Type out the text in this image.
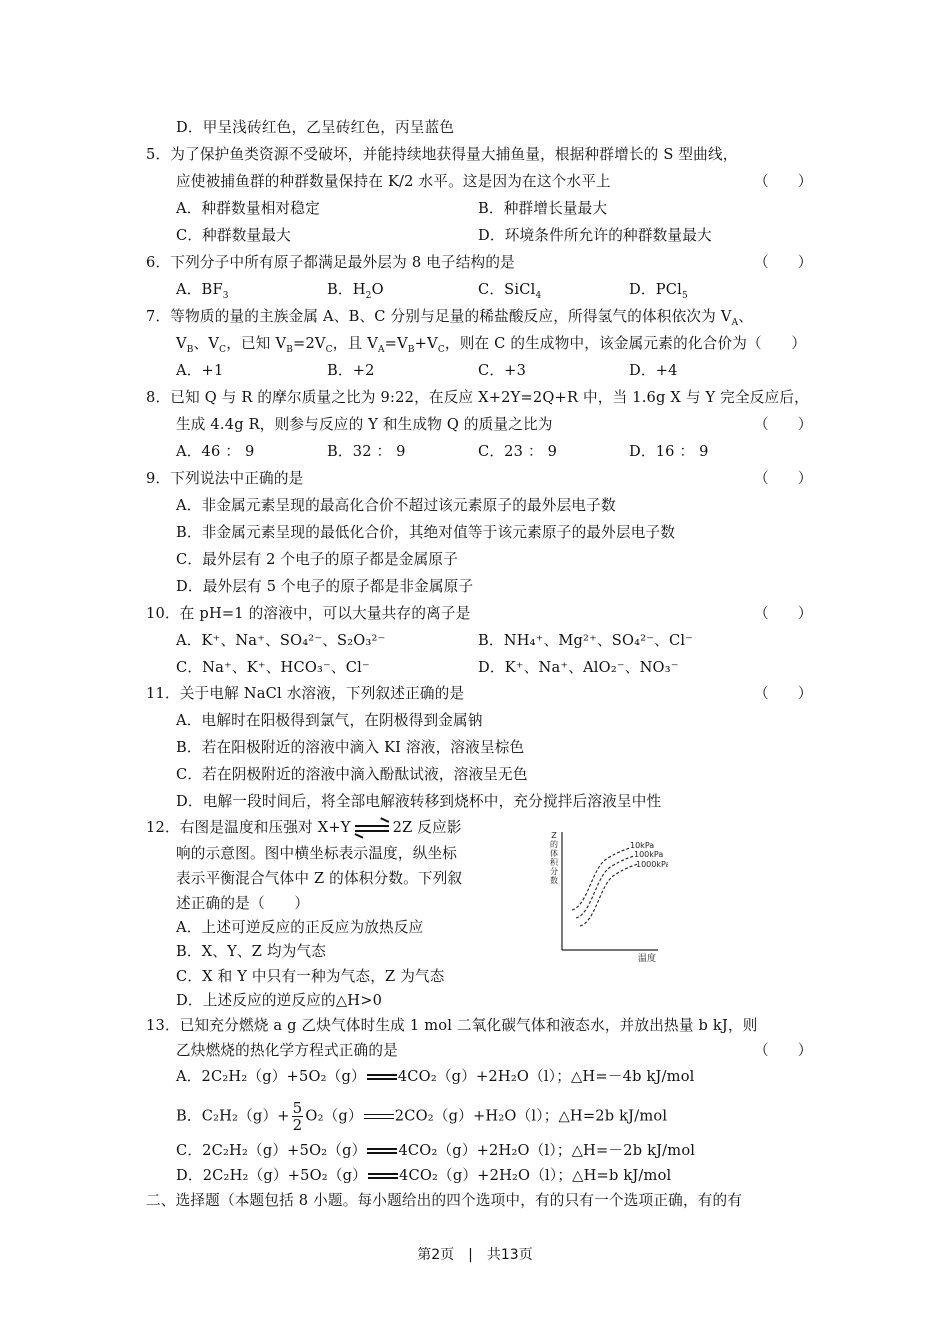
D．甲呈浅砖红色，乙呈砖红色，丙呈蓝色
5．为了保护鱼类资源不受破坏，并能持续地获得量大捕鱼量，根据种群增长的 S 型曲线，
应使被捕鱼群的种群数量保持在 K/2 水平。这是因为在这个水平上	（　　）
A．种群数量相对稳定	B．种群增长量最大
C．种群数量最大	D．环境条件所允许的种群数量最大
6．下列分子中所有原子都满足最外层为 8 电子结构的是	（　　）
A．$BF_3$	B．$H_2O$	C．SiCl$_4$	D．PCl$_5$
7．等物质的量的主族金属 A、B、C 分别与足量的稀盐酸反应，所得氢气的体积依次为 $V_A$、
$V_B$、$V_C$，已知 $V_B=2V_C$，且 $V_A=V_B+V_C$，则在 C 的生成物中，该金属元素的化合价为（　　）
A．+1	B．+2	C．+3	D．+4
8．已知 Q 与 R 的摩尔质量之比为 9:22，在反应 X+2Y=2Q+R 中，当 1.6g X 与 Y 完全反应后，
生成 4.4g R，则参与反应的 Y 和生成物 Q 的质量之比为	（　　）
A．46 ： 9	B．32 ： 9	C．23 ： 9	D．16 ： 9
9．下列说法中正确的是	（　　）
A．非金属元素呈现的最高化合价不超过该元素原子的最外层电子数
B．非金属元素呈现的最低化合价，其绝对值等于该元素原子的最外层电子数
C．最外层有 2 个电子的原子都是金属原子
D．最外层有 5 个电子的原子都是非金属原子
10．在 pH=1 的溶液中，可以大量共存的离子是	（　　）
A．K⁺、Na⁺、SO₄²⁻、S₂O₃²⁻	B．NH₄⁺、Mg²⁺、SO₄²⁻、Cl⁻
C．Na⁺、K⁺、HCO₃⁻、Cl⁻	D．K⁺、Na⁺、AlO₂⁻、NO₃⁻
11．关于电解 NaCl 水溶液，下列叙述正确的是	（　　）
A．电解时在阳极得到氯气，在阴极得到金属钠
B．若在阳极附近的溶液中滴入 KI 溶液，溶液呈棕色
C．若在阴极附近的溶液中滴入酚酞试液，溶液呈无色
D．电解一段时间后，将全部电解液转移到烧杯中，充分搅拌后溶液呈中性
12．右图是温度和压强对 X+Y ⇌ 2Z 反应影
响的示意图。图中横坐标表示温度，纵坐标
表示平衡混合气体中 Z 的体积分数。下列叙
述正确的是（　　）
A．上述可逆反应的正反应为放热反应
B．X、Y、Z 均为气态
C．X 和 Y 中只有一种为气态，Z 为气态
D．上述反应的逆反应的△H>0
Z 的体积分数
温度
10kPa
100kPa
1000kPa
13．已知充分燃烧 a g 乙炔气体时生成 1 mol 二氧化碳气体和液态水，并放出热量 b kJ，则
乙炔燃烧的热化学方程式正确的是	（　　）
A．2C₂H₂（g）+5O₂（g） 4CO₂（g）+2H₂O（l）；△H=－4b kJ/mol
B．$C_2H_2(g)+ \frac{5}{2} O_2(g)$ 2CO₂（g）+H₂O（l）；△H=2b kJ/mol
C．2C₂H₂（g）+5O₂（g） 4CO₂（g）+2H₂O（l）；△H=－2b kJ/mol
D．2C₂H₂（g）+5O₂（g） 4CO₂（g）+2H₂O（l）；△H=b kJ/mol
二、选择题（本题包括 8 小题。每小题给出的四个选项中，有的只有一个选项正确，有的有
第2页　|　共13页
